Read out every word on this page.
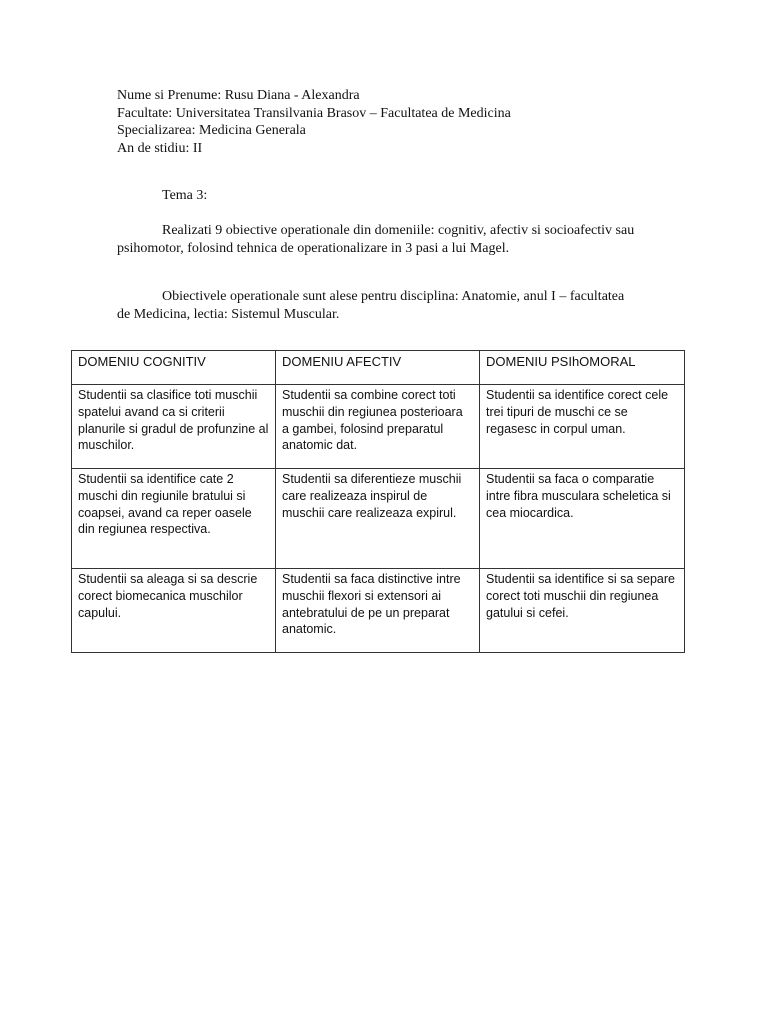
Nume si Prenume: Rusu Diana - Alexandra
Facultate: Universitatea Transilvania Brasov – Facultatea de Medicina
Specializarea: Medicina Generala
An de stidiu: II
Tema 3:

Realizati 9 obiective operationale din domeniile: cognitiv, afectiv si socioafectiv sau psihomotor, folosind tehnica de operationalizare in 3 pasi a lui Magel.

Obiectivele operationale sunt alese pentru disciplina: Anatomie, anul I – facultatea de Medicina, lectia: Sistemul Muscular.

DOMENIU COGNITIV	DOMENIU AFECTIV	DOMENIU PSIhOMORAL
Studentii sa clasifice toti muschii spatelui avand ca si criterii planurile si gradul de profunzine al muschilor.	Studentii sa combine corect toti muschii din regiunea posterioara a gambei, folosind preparatul anatomic dat.	Studentii sa identifice corect cele trei tipuri de muschi ce se regasesc in corpul uman.
Studentii sa identifice cate 2 muschi din regiunile bratului si coapsei, avand ca reper oasele din regiunea respectiva.	Studentii sa diferentieze muschii care realizeaza inspirul de muschii care realizeaza expirul.	Studentii sa faca o comparatie intre fibra musculara scheletica si cea miocardica.
Studentii sa aleaga si sa descrie corect biomecanica muschilor capului.	Studentii sa faca distinctive intre muschii flexori si extensori ai antebratului de pe un preparat anatomic.	Studentii sa identifice si sa separe corect toti muschii din regiunea gatului si cefei.
